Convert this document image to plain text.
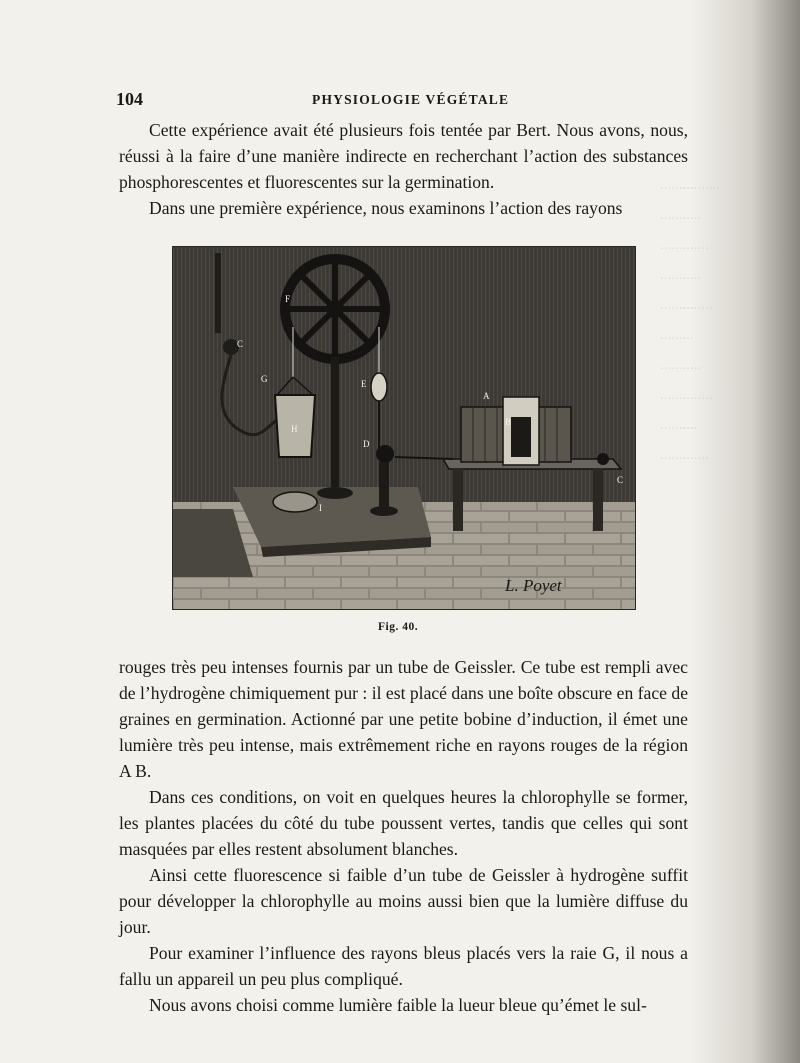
................
...........
.............
...........
..............
.........
...........
..............
..........
.............
104	PHYSIOLOGIE VÉGÉTALE

Cette expérience avait été plusieurs fois tentée par Bert. Nous avons, nous, réussi à la faire d’une manière indirecte en recherchant l’action des substances phosphorescentes et fluorescentes sur la germination.

Dans une première expérience, nous examinons l’action des rayons

C
G
F
H
I
E
D
A
B
C
L. Poyet
Fig. 40.

rouges très peu intenses fournis par un tube de Geissler. Ce tube est rempli avec de l’hydrogène chimiquement pur : il est placé dans une boîte obscure en face de graines en germination. Actionné par une petite bobine d’induction, il émet une lumière très peu intense, mais extrêmement riche en rayons rouges de la région A B.

Dans ces conditions, on voit en quelques heures la chlorophylle se former, les plantes placées du côté du tube poussent vertes, tandis que celles qui sont masquées par elles restent absolument blanches.

Ainsi cette fluorescence si faible d’un tube de Geissler à hydrogène suffit pour développer la chlorophylle au moins aussi bien que la lumière diffuse du jour.

Pour examiner l’influence des rayons bleus placés vers la raie G, il nous a fallu un appareil un peu plus compliqué.

Nous avons choisi comme lumière faible la lueur bleue qu’émet le sul-
